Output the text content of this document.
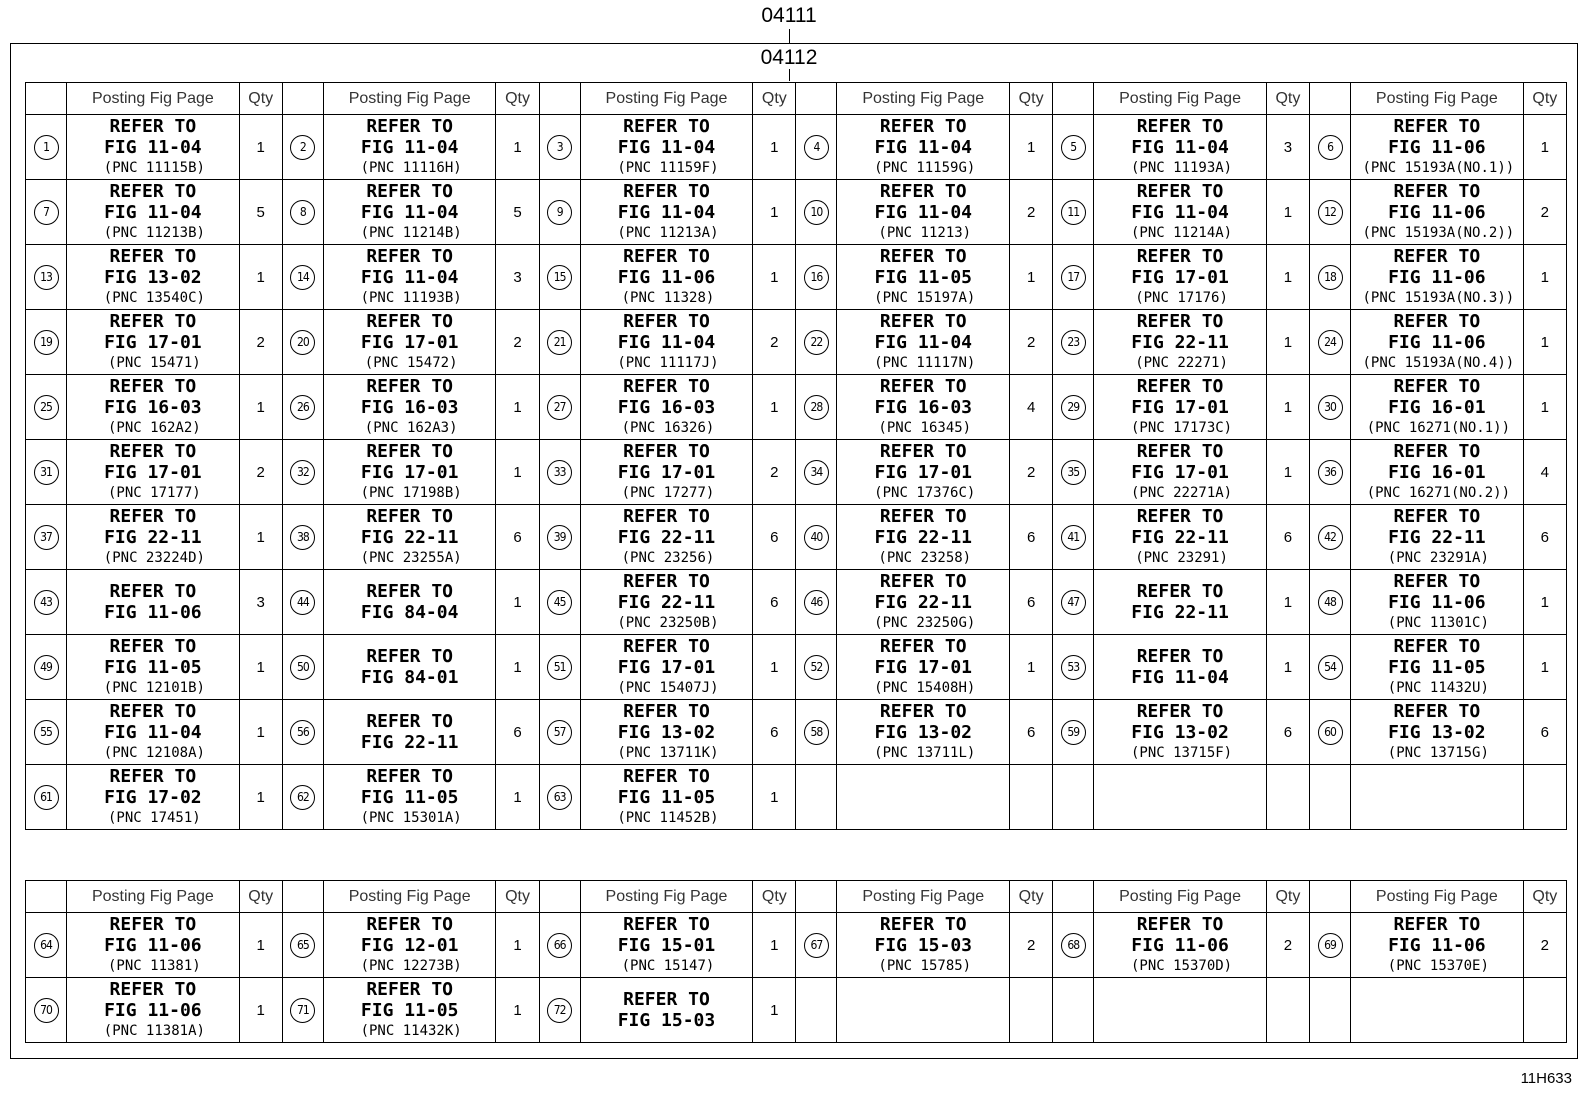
04111
04112
	Posting Fig Page	Qty		Posting Fig Page	Qty		Posting Fig Page	Qty		Posting Fig Page	Qty		Posting Fig Page	Qty		Posting Fig Page	Qty
1	REFER TO
FIG 11-04
(PNC 11115B)	1	2	REFER TO
FIG 11-04
(PNC 11116H)	1	3	REFER TO
FIG 11-04
(PNC 11159F)	1	4	REFER TO
FIG 11-04
(PNC 11159G)	1	5	REFER TO
FIG 11-04
(PNC 11193A)	3	6	REFER TO
FIG 11-06
(PNC 15193A(NO.1))	1
7	REFER TO
FIG 11-04
(PNC 11213B)	5	8	REFER TO
FIG 11-04
(PNC 11214B)	5	9	REFER TO
FIG 11-04
(PNC 11213A)	1	10	REFER TO
FIG 11-04
(PNC 11213)	2	11	REFER TO
FIG 11-04
(PNC 11214A)	1	12	REFER TO
FIG 11-06
(PNC 15193A(NO.2))	2
13	REFER TO
FIG 13-02
(PNC 13540C)	1	14	REFER TO
FIG 11-04
(PNC 11193B)	3	15	REFER TO
FIG 11-06
(PNC 11328)	1	16	REFER TO
FIG 11-05
(PNC 15197A)	1	17	REFER TO
FIG 17-01
(PNC 17176)	1	18	REFER TO
FIG 11-06
(PNC 15193A(NO.3))	1
19	REFER TO
FIG 17-01
(PNC 15471)	2	20	REFER TO
FIG 17-01
(PNC 15472)	2	21	REFER TO
FIG 11-04
(PNC 11117J)	2	22	REFER TO
FIG 11-04
(PNC 11117N)	2	23	REFER TO
FIG 22-11
(PNC 22271)	1	24	REFER TO
FIG 11-06
(PNC 15193A(NO.4))	1
25	REFER TO
FIG 16-03
(PNC 162A2)	1	26	REFER TO
FIG 16-03
(PNC 162A3)	1	27	REFER TO
FIG 16-03
(PNC 16326)	1	28	REFER TO
FIG 16-03
(PNC 16345)	4	29	REFER TO
FIG 17-01
(PNC 17173C)	1	30	REFER TO
FIG 16-01
(PNC 16271(NO.1))	1
31	REFER TO
FIG 17-01
(PNC 17177)	2	32	REFER TO
FIG 17-01
(PNC 17198B)	1	33	REFER TO
FIG 17-01
(PNC 17277)	2	34	REFER TO
FIG 17-01
(PNC 17376C)	2	35	REFER TO
FIG 17-01
(PNC 22271A)	1	36	REFER TO
FIG 16-01
(PNC 16271(NO.2))	4
37	REFER TO
FIG 22-11
(PNC 23224D)	1	38	REFER TO
FIG 22-11
(PNC 23255A)	6	39	REFER TO
FIG 22-11
(PNC 23256)	6	40	REFER TO
FIG 22-11
(PNC 23258)	6	41	REFER TO
FIG 22-11
(PNC 23291)	6	42	REFER TO
FIG 22-11
(PNC 23291A)	6
43	REFER TO
FIG 11-06	3	44	REFER TO
FIG 84-04	1	45	REFER TO
FIG 22-11
(PNC 23250B)	6	46	REFER TO
FIG 22-11
(PNC 23250G)	6	47	REFER TO
FIG 22-11	1	48	REFER TO
FIG 11-06
(PNC 11301C)	1
49	REFER TO
FIG 11-05
(PNC 12101B)	1	50	REFER TO
FIG 84-01	1	51	REFER TO
FIG 17-01
(PNC 15407J)	1	52	REFER TO
FIG 17-01
(PNC 15408H)	1	53	REFER TO
FIG 11-04	1	54	REFER TO
FIG 11-05
(PNC 11432U)	1
55	REFER TO
FIG 11-04
(PNC 12108A)	1	56	REFER TO
FIG 22-11	6	57	REFER TO
FIG 13-02
(PNC 13711K)	6	58	REFER TO
FIG 13-02
(PNC 13711L)	6	59	REFER TO
FIG 13-02
(PNC 13715F)	6	60	REFER TO
FIG 13-02
(PNC 13715G)	6
61	REFER TO
FIG 17-02
(PNC 17451)	1	62	REFER TO
FIG 11-05
(PNC 15301A)	1	63	REFER TO
FIG 11-05
(PNC 11452B)	1									
	Posting Fig Page	Qty		Posting Fig Page	Qty		Posting Fig Page	Qty		Posting Fig Page	Qty		Posting Fig Page	Qty		Posting Fig Page	Qty
64	REFER TO
FIG 11-06
(PNC 11381)	1	65	REFER TO
FIG 12-01
(PNC 12273B)	1	66	REFER TO
FIG 15-01
(PNC 15147)	1	67	REFER TO
FIG 15-03
(PNC 15785)	2	68	REFER TO
FIG 11-06
(PNC 15370D)	2	69	REFER TO
FIG 11-06
(PNC 15370E)	2
70	REFER TO
FIG 11-06
(PNC 11381A)	1	71	REFER TO
FIG 11-05
(PNC 11432K)	1	72	REFER TO
FIG 15-03	1									
11H633
